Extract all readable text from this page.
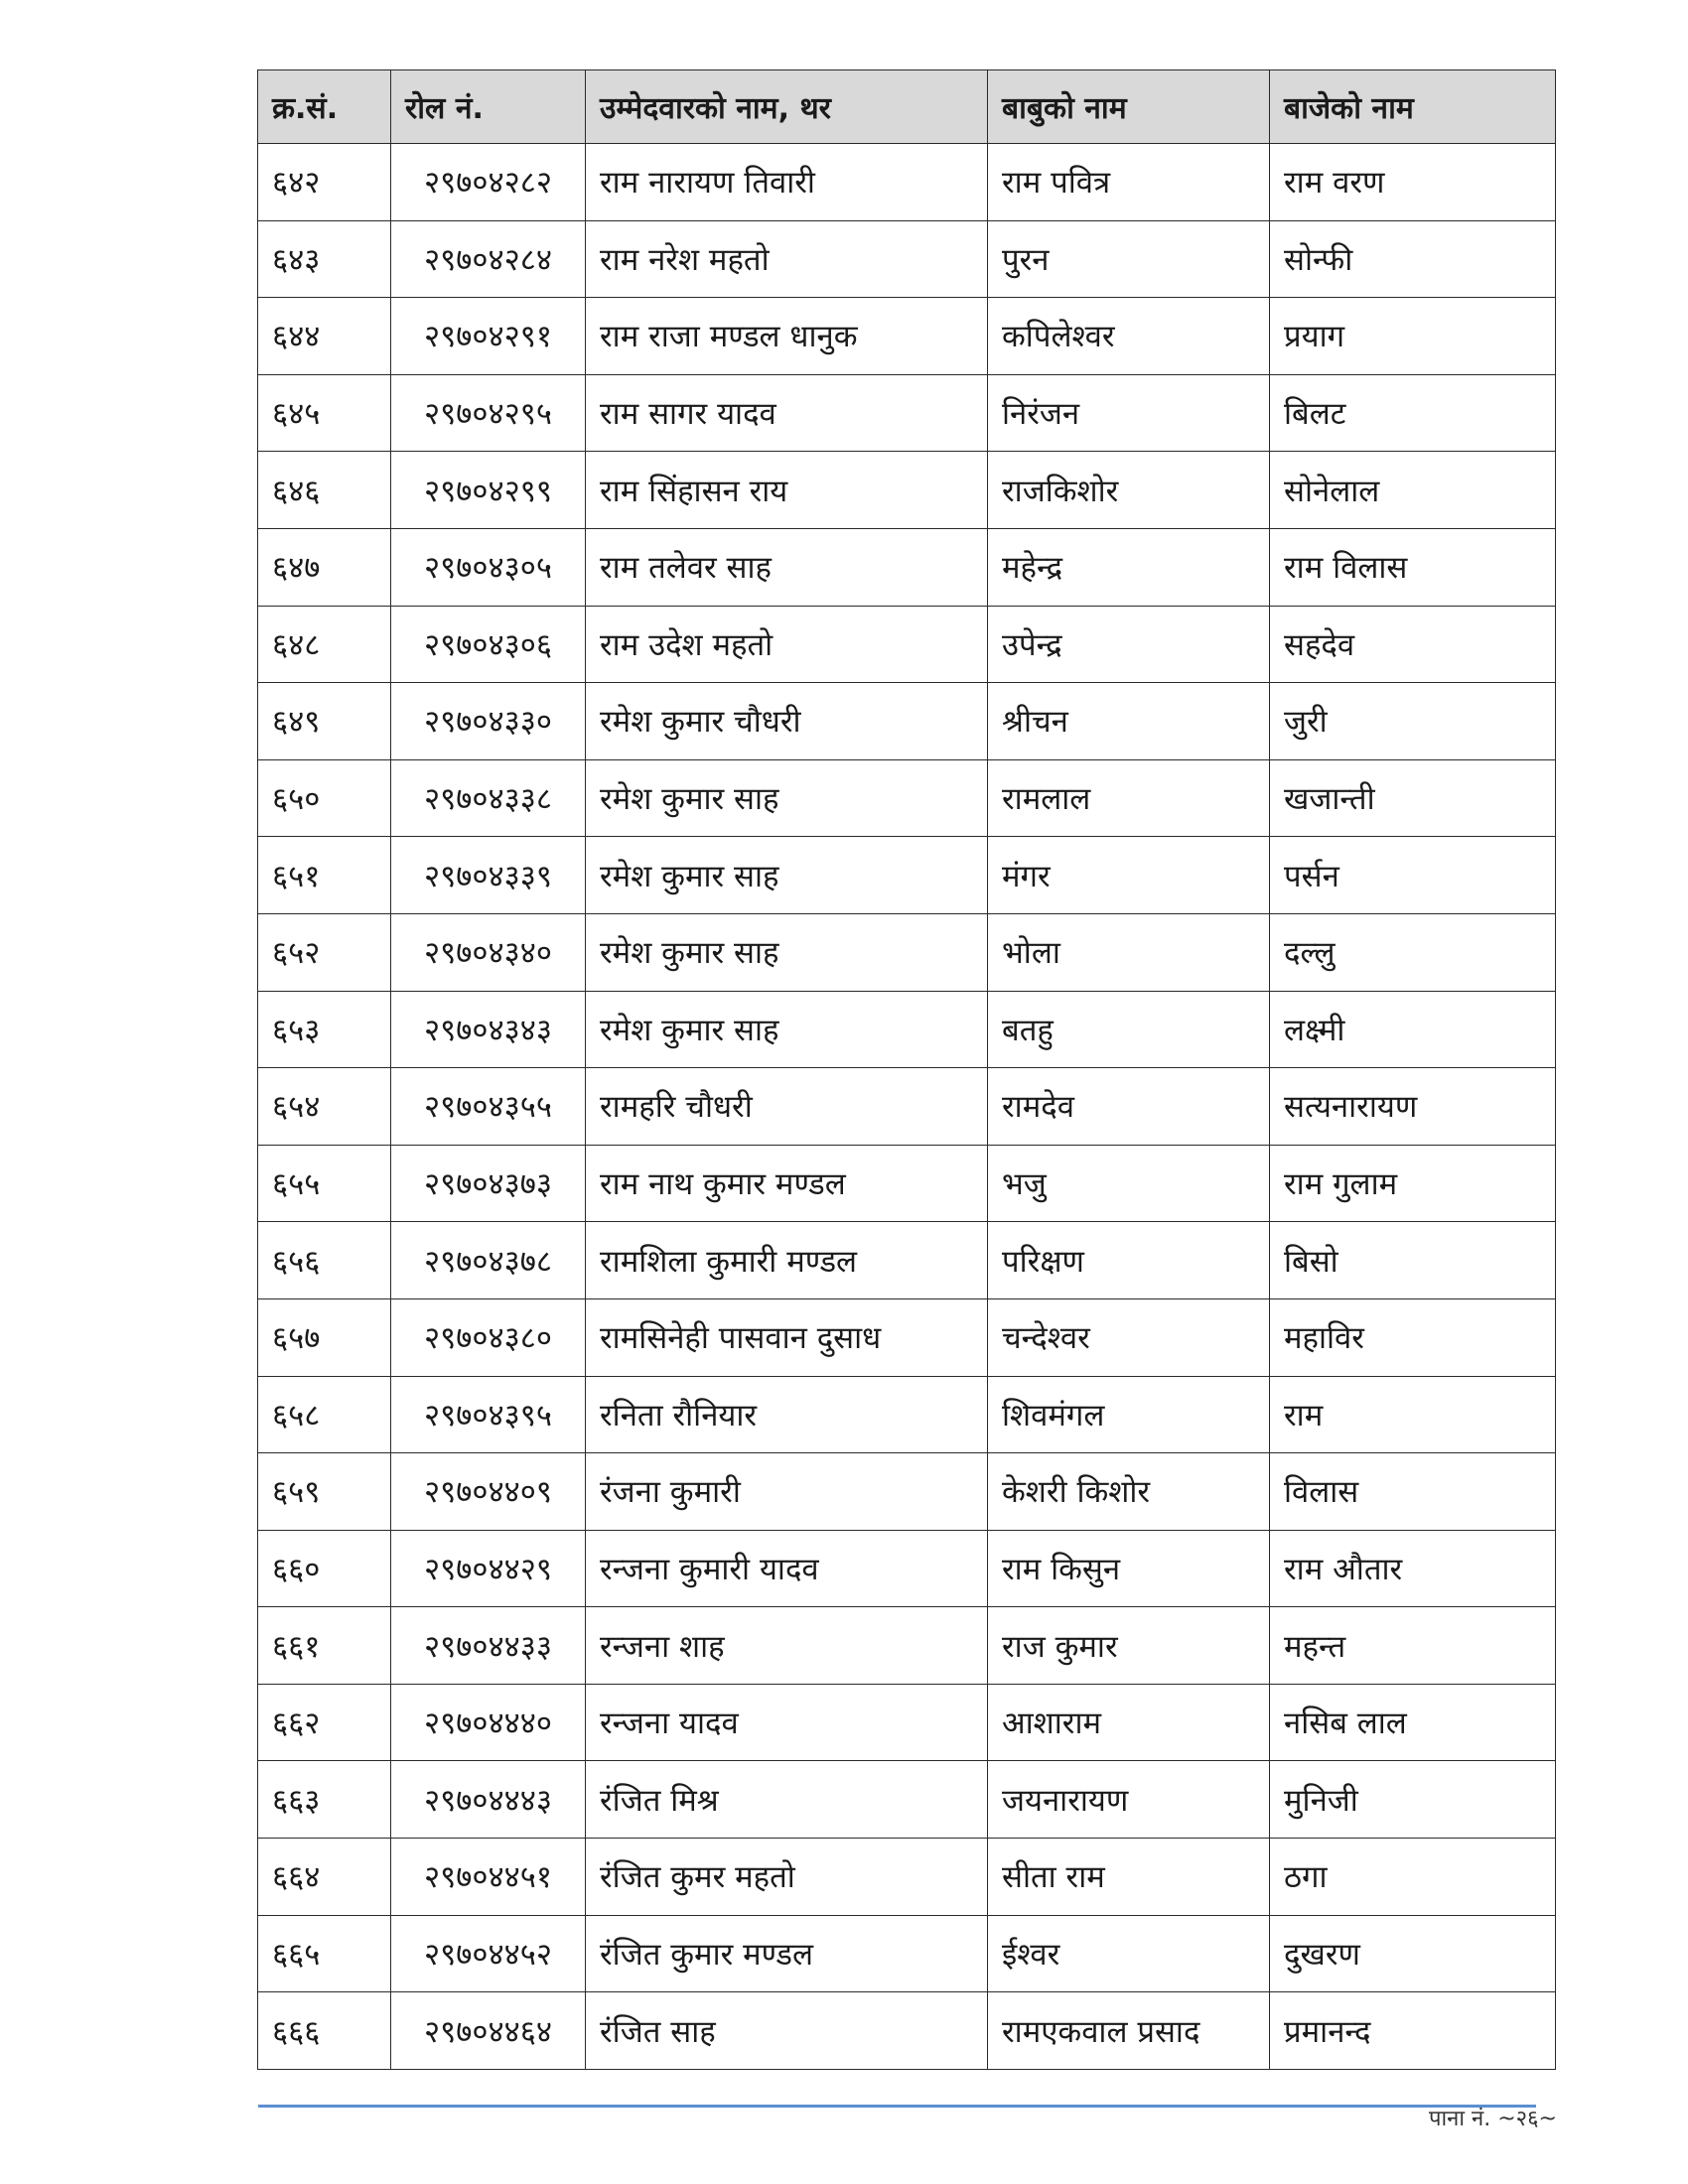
क्र.सं.	रोल नं.	उम्मेदवारको नाम, थर	बाबुको नाम	बाजेको नाम
६४२	२९७०४२८२	राम नारायण तिवारी	राम पवित्र	राम वरण
६४३	२९७०४२८४	राम नरेश महतो	पुरन	सोन्फी
६४४	२९७०४२९१	राम राजा मण्डल धानुक	कपिलेश्वर	प्रयाग
६४५	२९७०४२९५	राम सागर यादव	निरंजन	बिलट
६४६	२९७०४२९९	राम सिंहासन राय	राजकिशोर	सोनेलाल
६४७	२९७०४३०५	राम तलेवर साह	महेन्द्र	राम विलास
६४८	२९७०४३०६	राम उदेश महतो	उपेन्द्र	सहदेव
६४९	२९७०४३३०	रमेश कुमार चौधरी	श्रीचन	जुरी
६५०	२९७०४३३८	रमेश कुमार साह	रामलाल	खजान्ती
६५१	२९७०४३३९	रमेश कुमार साह	मंगर	पर्सन
६५२	२९७०४३४०	रमेश कुमार साह	भोला	दल्लु
६५३	२९७०४३४३	रमेश कुमार साह	बतहु	लक्ष्मी
६५४	२९७०४३५५	रामहरि चौधरी	रामदेव	सत्यनारायण
६५५	२९७०४३७३	राम नाथ कुमार मण्डल	भजु	राम गुलाम
६५६	२९७०४३७८	रामशिला कुमारी मण्डल	परिक्षण	बिसो
६५७	२९७०४३८०	रामसिनेही पासवान दुसाध	चन्देश्वर	महाविर
६५८	२९७०४३९५	रनिता रौनियार	शिवमंगल	राम
६५९	२९७०४४०९	रंजना कुमारी	केशरी किशोर	विलास
६६०	२९७०४४२९	रन्जना कुमारी यादव	राम किसुन	राम औतार
६६१	२९७०४४३३	रन्जना शाह	राज कुमार	महन्त
६६२	२९७०४४४०	रन्जना यादव	आशाराम	नसिब लाल
६६३	२९७०४४४३	रंजित मिश्र	जयनारायण	मुनिजी
६६४	२९७०४४५१	रंजित कुमर महतो	सीता राम	ठगा
६६५	२९७०४४५२	रंजित कुमार मण्डल	ईश्वर	दुखरण
६६६	२९७०४४६४	रंजित साह	रामएकवाल प्रसाद	प्रमानन्द
पाना नं. ~२६~
